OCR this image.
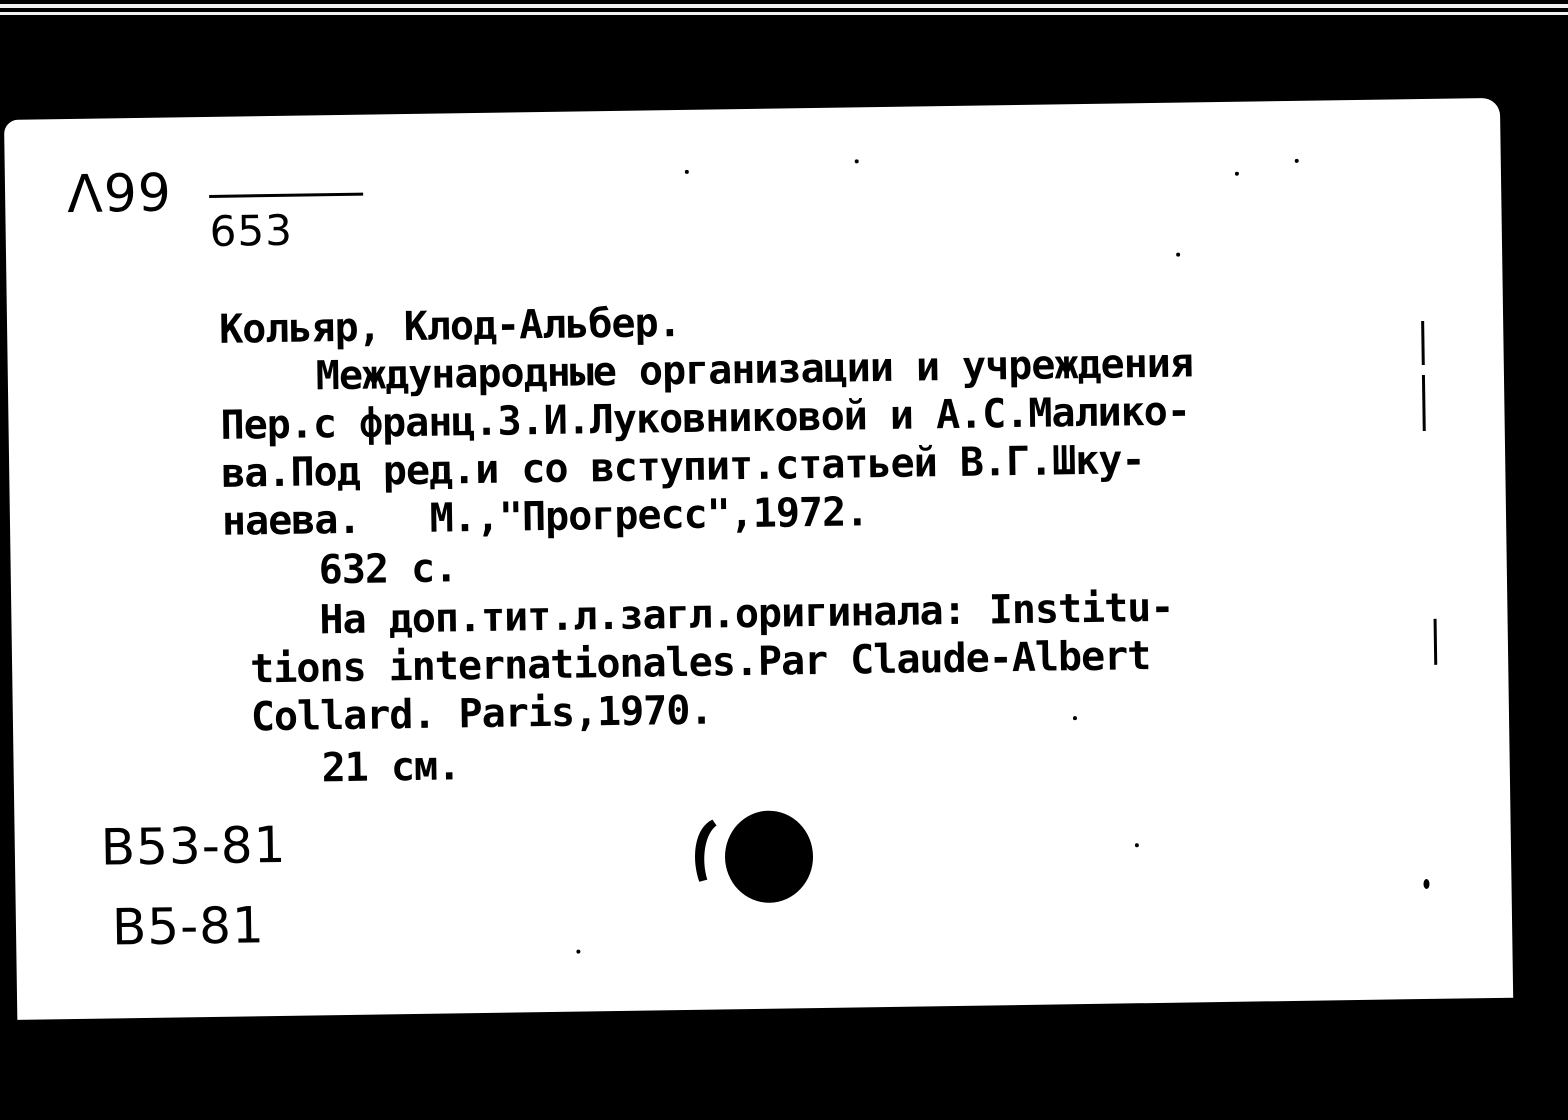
Λ99
653
Кольяр, Клод-Альбер.
Международные организации и учреждения
Пер.с франц.З.И.Луковниковой и А.С.Малико-
ва.Под ред.и со вступит.статьей В.Г.Шку-
наева.   М.,"Прогресс",1972.
632 с.
На доп.тит.л.загл.оригинала: Institu-
tions internationales.Par Claude-Albert
Collard. Paris,1970.
21 см.
В53-81
В5-81
